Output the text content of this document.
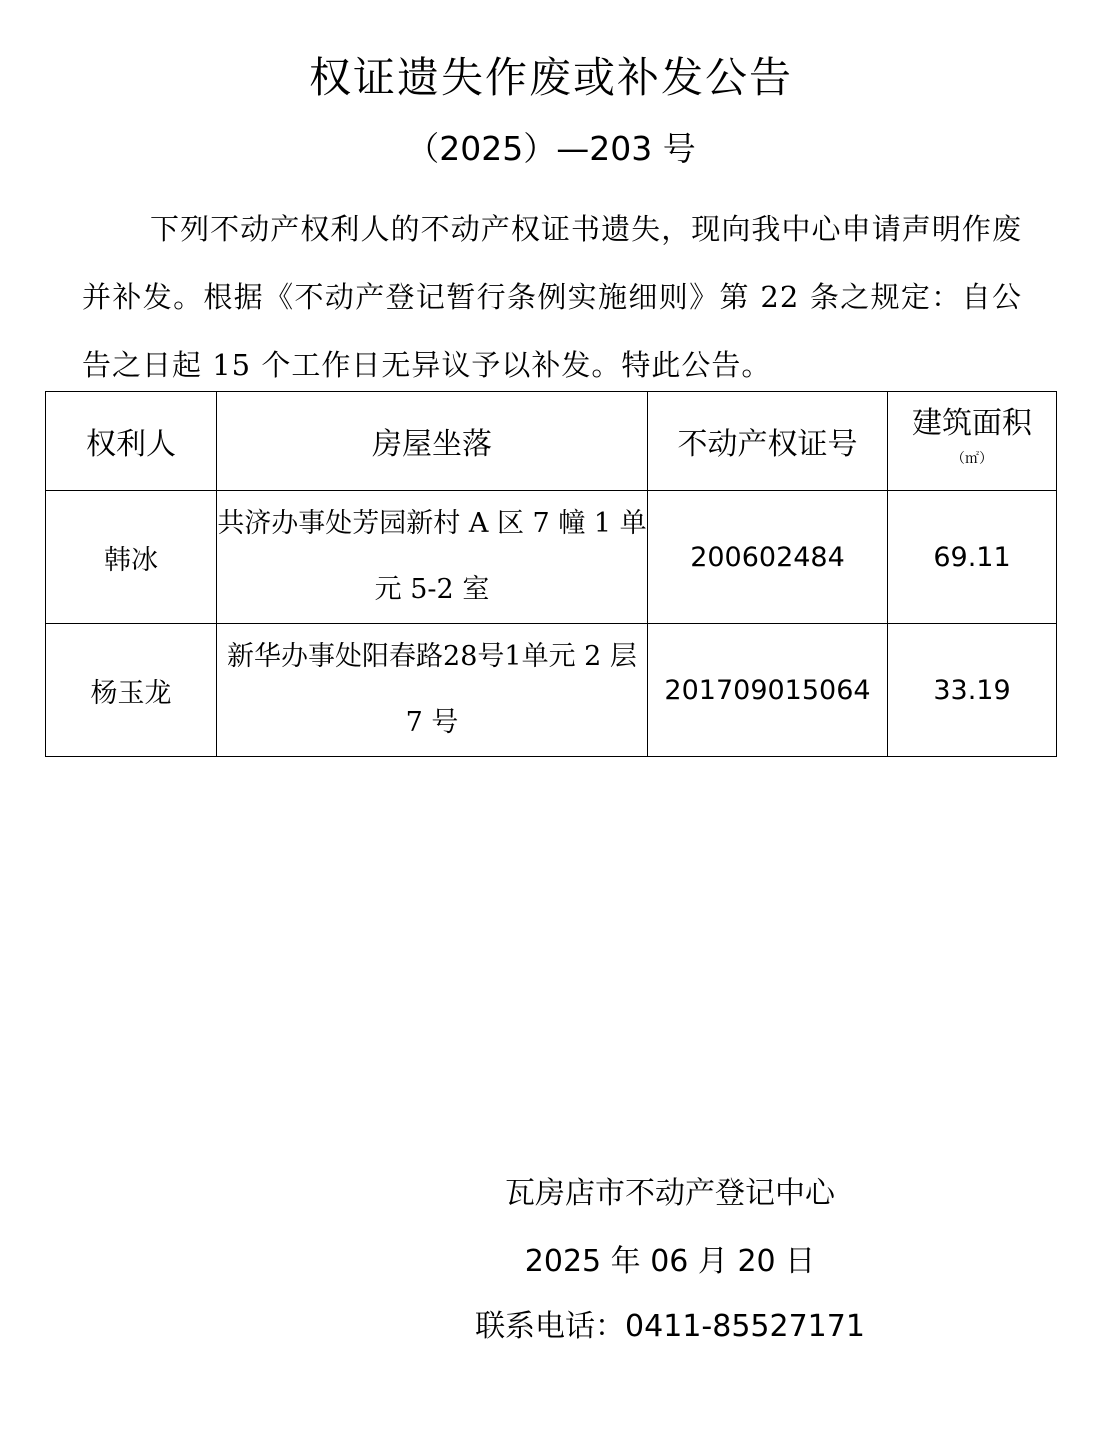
权证遗失作废或补发公告
（2025）—203 号

下列不动产权利人的不动产权证书遗失，现向我中心申请声明作废并补发。根据《不动产登记暂行条例实施细则》第 22 条之规定：自公告之日起 15 个工作日无异议予以补发。特此公告。

权利人	房屋坐落	不动产权证号	建筑面积
（㎡）

韩冰	共济办事处芳园新村 A 区 7 幢 1 单元 5-2 室	200602484	69.11
杨玉龙	新华办事处阳春路28号1单元 2 层 7 号	201709015064	33.19
瓦房店市不动产登记中心
2025 年 06 月 20 日
联系电话：0411-85527171
